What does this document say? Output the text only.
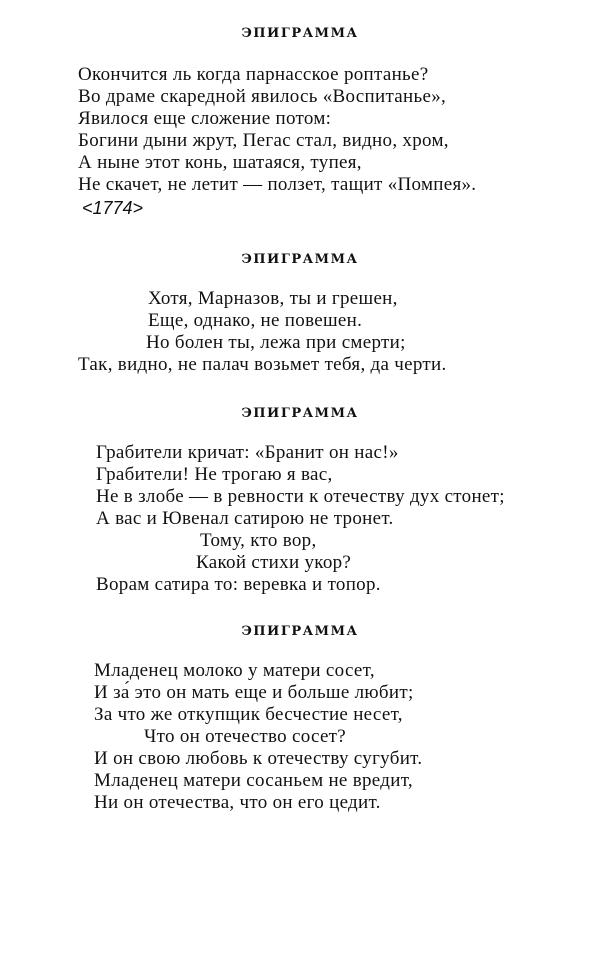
ЭПИГРАММА
Окончится ль когда парнасское роптанье?
Во драме скаредной явилось «Воспитанье»,
Явилося еще сложение потом:
Богини дыни жрут, Пегас стал, видно, хром,
А ныне этот конь, шатаяся, тупея,
Не скачет, не летит — ползет, тащит «Помпея».
<1774>
ЭПИГРАММА
Хотя, Марназов, ты и грешен,
Еще, однако, не повешен.
Но болен ты, лежа при смерти;
Так, видно, не палач возьмет тебя, да черти.
ЭПИГРАММА
Грабители кричат: «Бранит он нас!»
Грабители! Не трогаю я вас,
Не в злобе — в ревности к отечеству дух стонет;
А вас и Ювенал сатирою не тронет.
Тому, кто вор,
Какой стихи укор?
Ворам сатира то: веревка и топор.
ЭПИГРАММА
Младенец молоко у матери сосет,
И за́ это он мать еще и больше любит;
За что же откупщик бесчестие несет,
Что он отечество сосет?
И он свою любовь к отечеству сугубит.
Младенец матери сосаньем не вредит,
Ни он отечества, что он его цедит.
